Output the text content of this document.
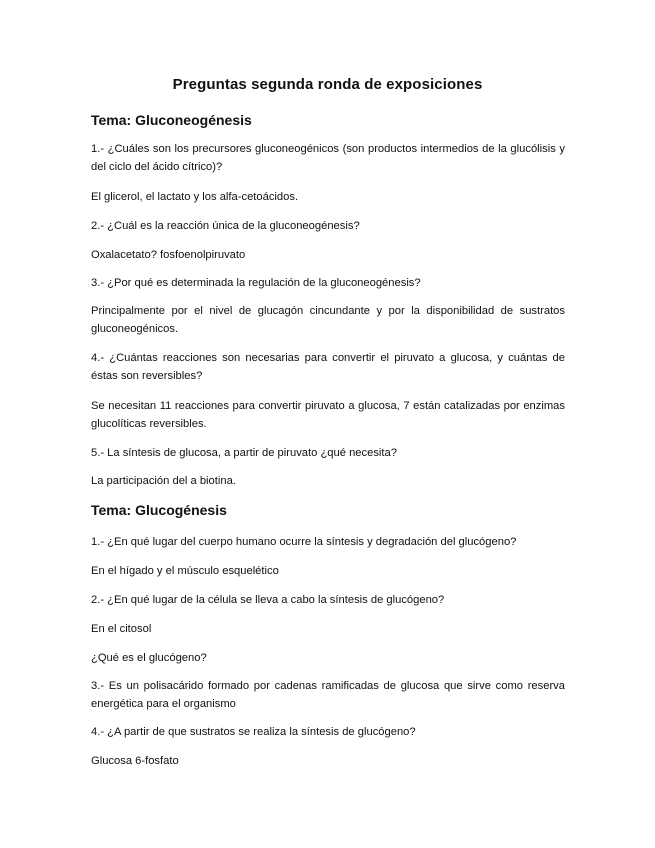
Preguntas segunda ronda de exposiciones
Tema: Gluconeogénesis
1.- ¿Cuáles son los precursores gluconeogénicos (son productos intermedios de la glucólisis y del ciclo del ácido cítrico)?
El glicerol, el lactato y los alfa-cetoácidos.
2.- ¿Cuál es la reacción única de la gluconeogénesis?
Oxalacetato? fosfoenolpiruvato
3.- ¿Por qué es determinada la regulación de la gluconeogénesis?
Principalmente por el nivel de glucagón cincundante y por la disponibilidad de sustratos gluconeogénicos.
4.- ¿Cuántas reacciones son necesarias para convertir el piruvato a glucosa, y cuántas de éstas son reversibles?
Se necesitan 11 reacciones para convertir piruvato a glucosa, 7 están catalizadas por enzimas glucolíticas reversibles.
5.- La síntesis de glucosa, a partir de piruvato ¿qué necesita?
La participación del a biotina.
Tema: Glucogénesis
1.- ¿En qué lugar del cuerpo humano ocurre la síntesis y degradación del glucógeno?
En el hígado y el músculo esquelético
2.- ¿En qué lugar de la célula se lleva a cabo la síntesis de glucógeno?
En el citosol
¿Qué es el glucógeno?
3.- Es un polisacárido formado por cadenas ramificadas de glucosa que sirve como reserva energética para el organismo
4.- ¿A partir de que sustratos se realiza la síntesis de glucógeno?
Glucosa 6-fosfato
